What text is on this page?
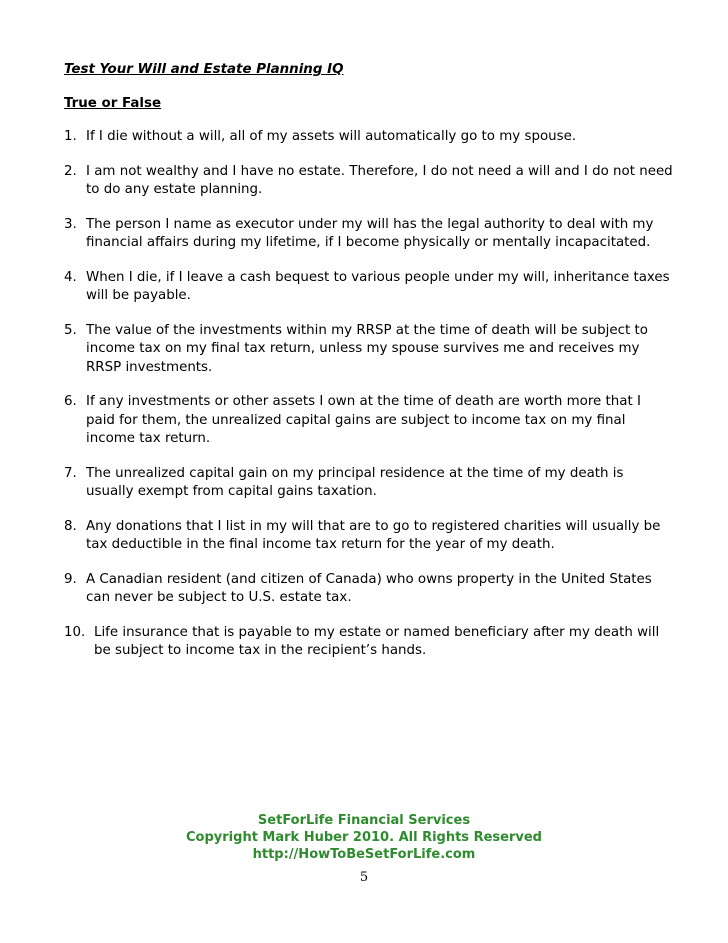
Test Your Will and Estate Planning IQ
True or False
1. If I die without a will, all of my assets will automatically go to my spouse.
2. I am not wealthy and I have no estate. Therefore, I do not need a will and I do not need to do any estate planning.
3. The person I name as executor under my will has the legal authority to deal with my financial affairs during my lifetime, if I become physically or mentally incapacitated.
4. When I die, if I leave a cash bequest to various people under my will, inheritance taxes will be payable.
5. The value of the investments within my RRSP at the time of death will be subject to income tax on my final tax return, unless my spouse survives me and receives my RRSP investments.
6. If any investments or other assets I own at the time of death are worth more that I paid for them, the unrealized capital gains are subject to income tax on my final income tax return.
7. The unrealized capital gain on my principal residence at the time of my death is usually exempt from capital gains taxation.
8. Any donations that I list in my will that are to go to registered charities will usually be tax deductible in the final income tax return for the year of my death.
9. A Canadian resident (and citizen of Canada) who owns property in the United States can never be subject to U.S. estate tax.
10. Life insurance that is payable to my estate or named beneficiary after my death will be subject to income tax in the recipient’s hands.
SetForLife Financial Services
Copyright Mark Huber 2010. All Rights Reserved
http://HowToBeSetForLife.com
5
